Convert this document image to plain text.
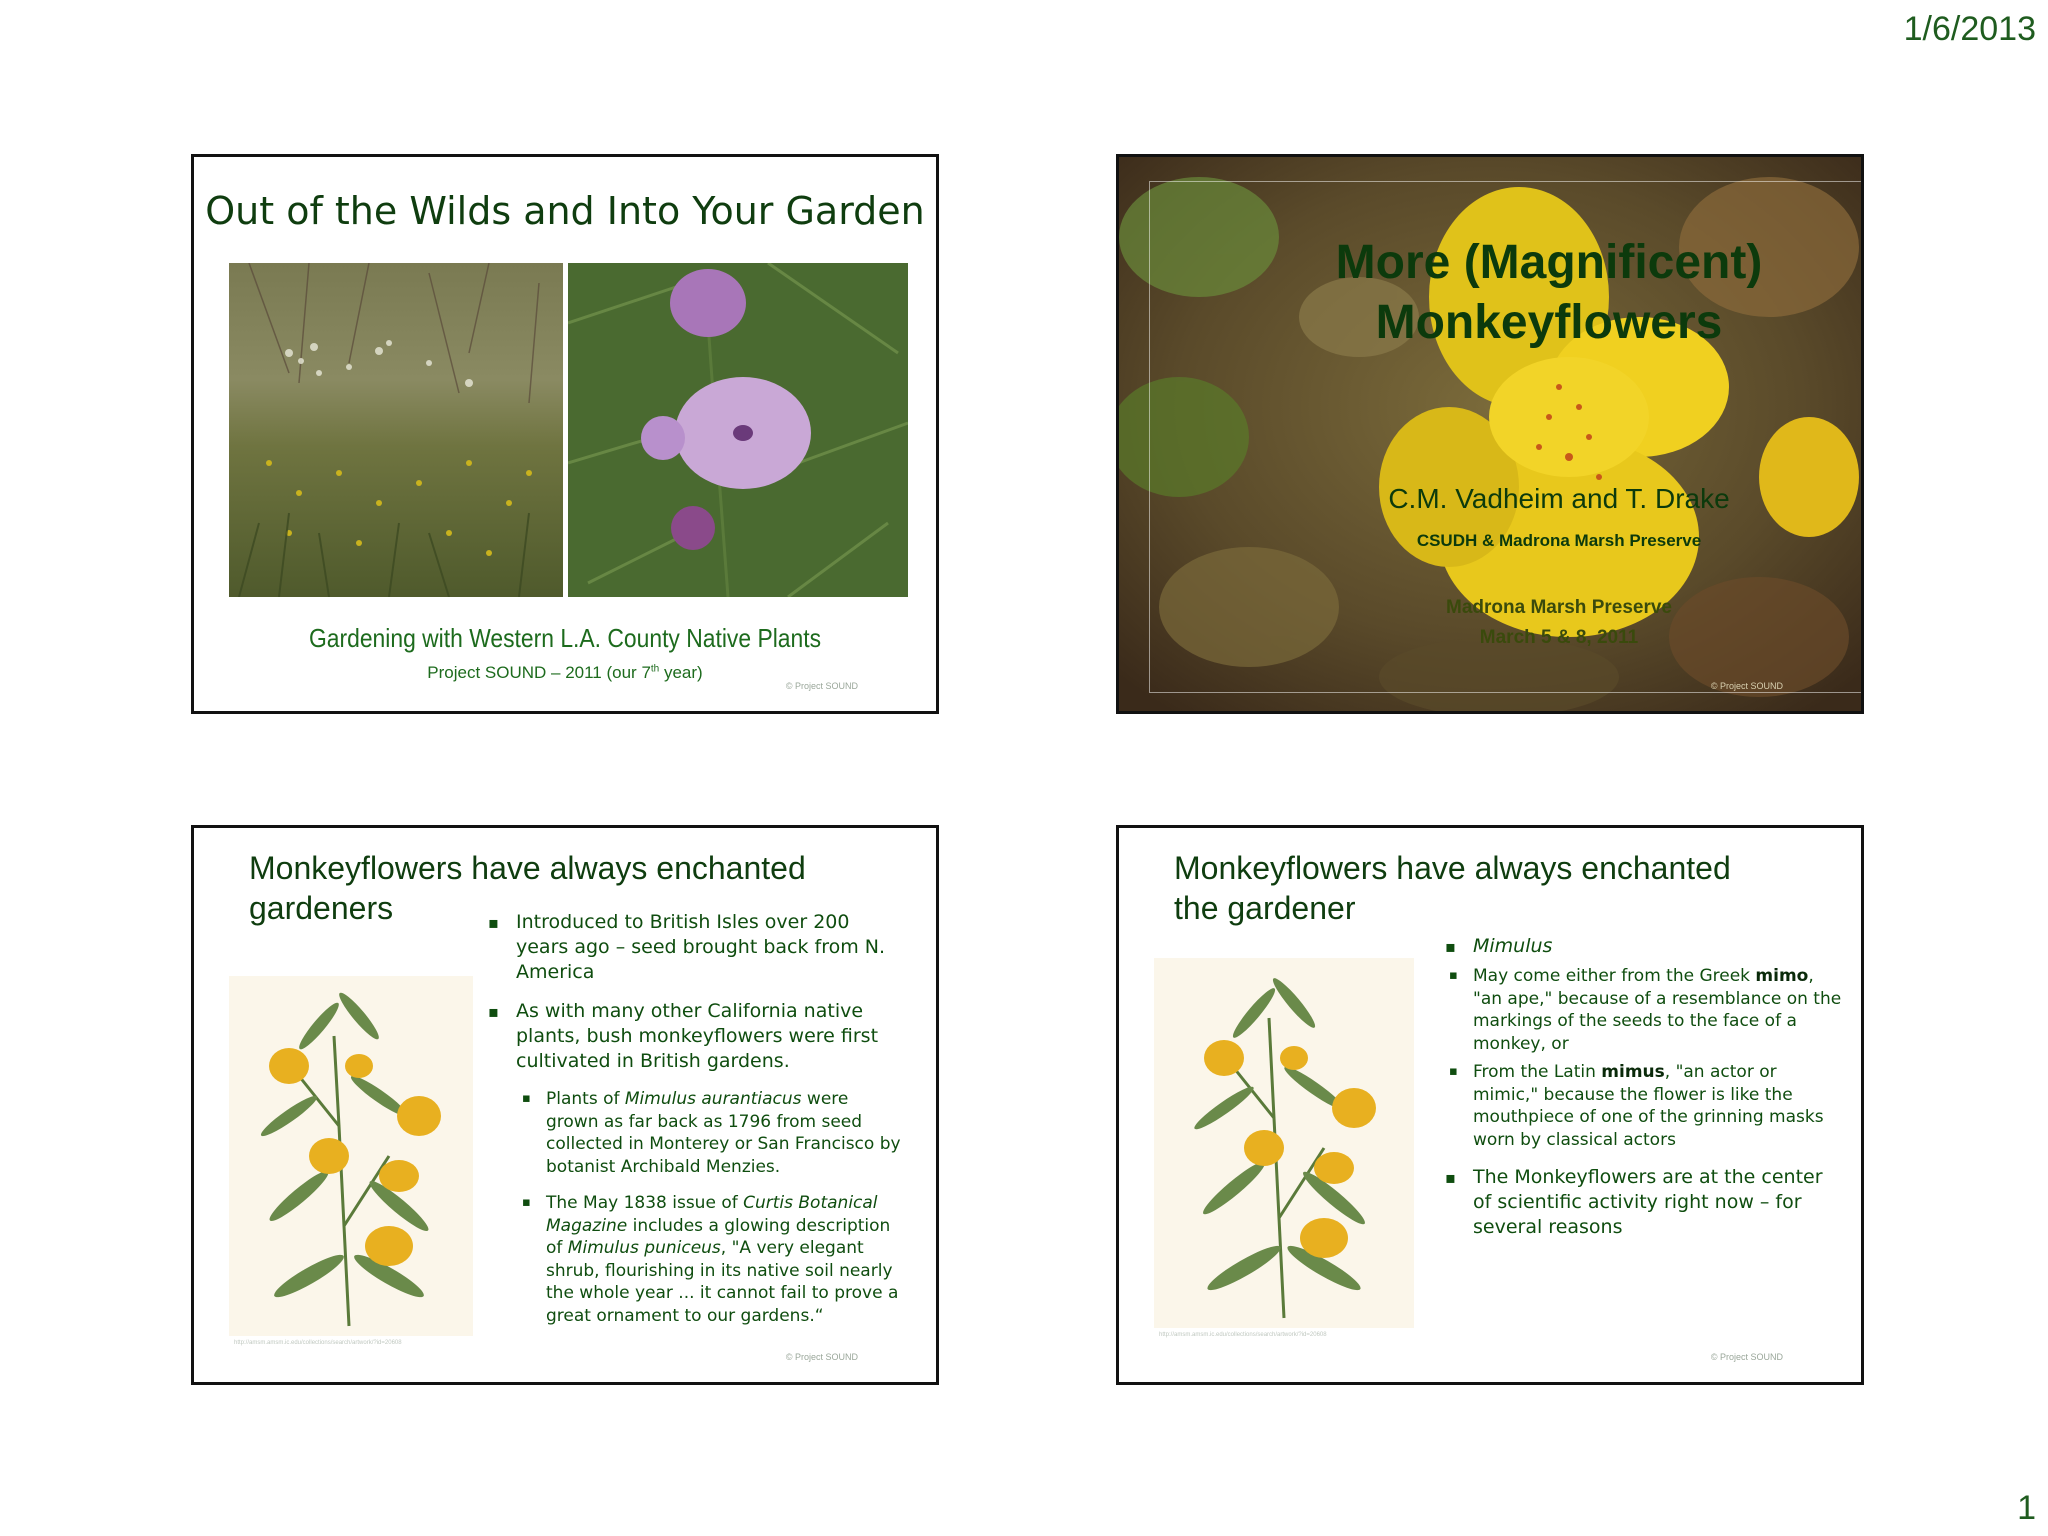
1/6/2013
Out of the Wilds and Into Your Garden
Gardening with Western L.A. County Native Plants
Project SOUND – 2011 (our 7th year)
© Project SOUND
More (Magnificent)
Monkeyflowers
C.M. Vadheim and T. Drake
CSUDH & Madrona Marsh Preserve
Madrona Marsh Preserve
March 5 & 8, 2011
© Project SOUND
Monkeyflowers have always enchanted
gardeners
http://amsm.amsm.ic.edu/collections/search/artwork/?id=20608
▪ Introduced to British Isles over 200 years ago – seed brought back from N. America
▪ As with many other California native plants, bush monkeyflowers were first cultivated in British gardens.
▪ Plants of Mimulus aurantiacus were grown as far back as 1796 from seed collected in Monterey or San Francisco by botanist Archibald Menzies.
▪ The May 1838 issue of Curtis Botanical Magazine includes a glowing description of Mimulus puniceus, "A very elegant shrub, flourishing in its native soil nearly the whole year ... it cannot fail to prove a great ornament to our gardens.“
© Project SOUND
Monkeyflowers have always enchanted
the gardener
http://amsm.amsm.ic.edu/collections/search/artwork/?id=20608
▪ Mimulus
▪ May come either from the Greek mimo, "an ape," because of a resemblance on the markings of the seeds to the face of a monkey, or
▪ From the Latin mimus, "an actor or mimic," because the flower is like the mouthpiece of one of the grinning masks worn by classical actors
▪ The Monkeyflowers are at the center of scientific activity right now – for several reasons
© Project SOUND
1
